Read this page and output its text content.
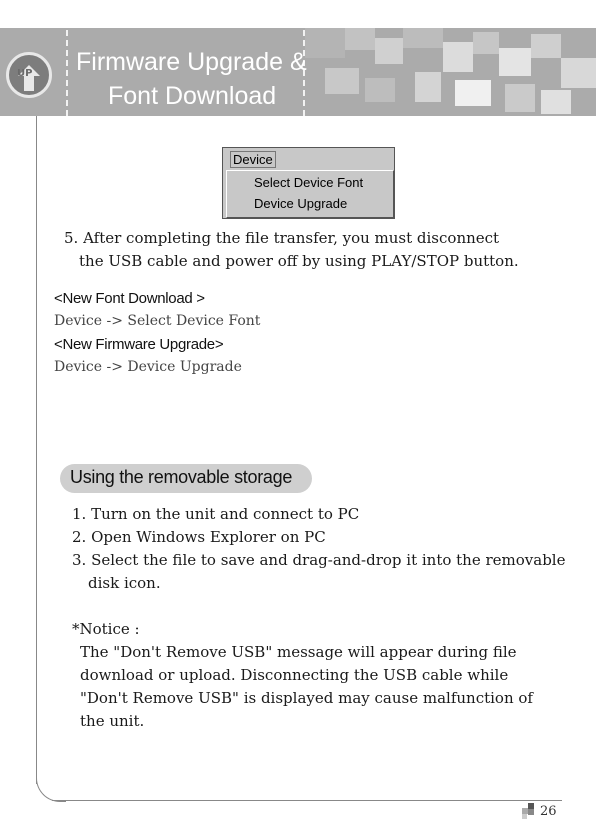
Firmware Upgrade &
Font Download
UP
Device
Select Device Font
Device Upgrade
5. After completing the file transfer, you must disconnect
the USB cable and power off by using PLAY/STOP button.
<New Font Download >
Device -> Select Device Font
<New Firmware Upgrade>
Device -> Device Upgrade
Using the removable storage
1. Turn on the unit and connect to PC
2. Open Windows Explorer on PC
3. Select the file to save and drag-and-drop it into the removable
disk icon.
*Notice :
The "Don't Remove USB" message will appear during file
download or upload. Disconnecting the USB cable while
"Don't Remove USB" is displayed may cause malfunction of
the unit.
26
